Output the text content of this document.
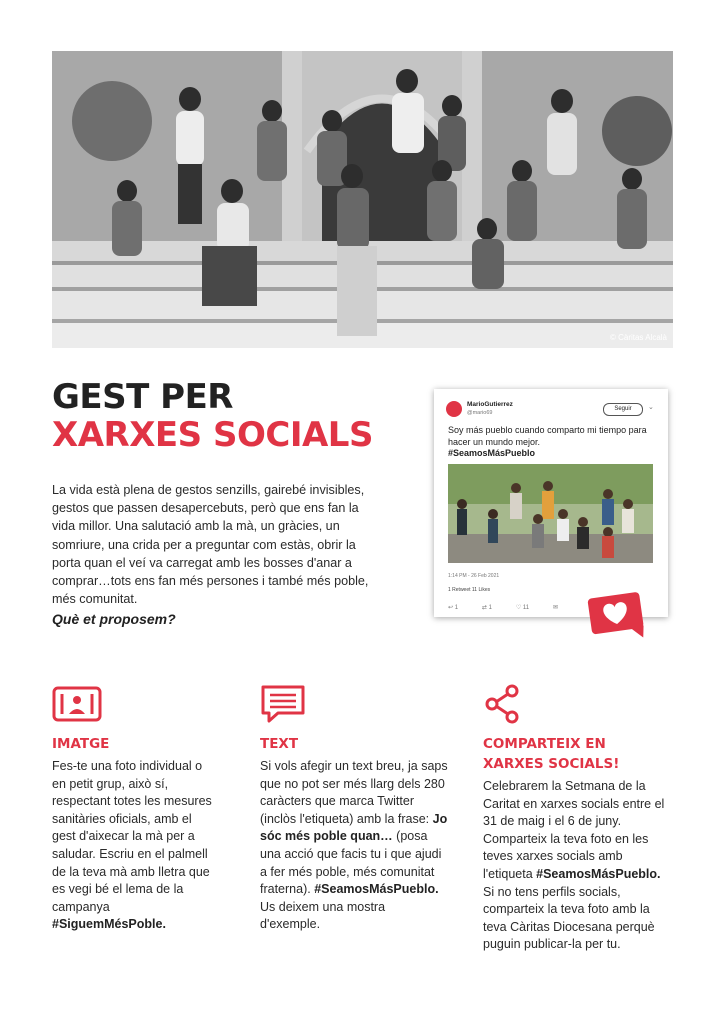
© Càritas Alcalà
GEST PER
XARXES SOCIALS

La vida està plena de gestos senzills, gairebé invisibles, gestos que passen desapercebuts, però que ens fan la vida millor. Una salutació amb la mà, un gràcies, un somriure, una crida per a preguntar com estàs, obrir la porta quan el veí va carregat amb les bosses d'anar a comprar…tots ens fan més persones i també més poble, més comunitat.

Què et proposem?
MarioGutierrez
@mario69
Seguir	⌄
Soy más pueblo cuando comparto mi tiempo para hacer un mundo mejor.
#SeamosMásPueblo
1:14 PM - 26 Feb 2021
1 Retweet 11 Likes
↩ 1	⇄ 1	♡ 11	✉
IMATGE

Fes-te una foto individual o en petit grup, això sí, respectant totes les mesures sanitàries oficials, amb el gest d'aixecar la mà per a saludar. Escriu en el palmell de la teva mà amb lletra que es vegi bé el lema de la campanya #SiguemMésPoble.

TEXT

Si vols afegir un text breu, ja saps que no pot ser més llarg dels 280 caràcters que marca Twitter (inclòs l'etiqueta) amb la frase: Jo sóc més poble quan… (posa una acció que facis tu i que ajudi a fer més poble, més comunitat fraterna). #SeamosMásPueblo. Us deixem una mostra d'exemple.

COMPARTEIX EN
XARXES SOCIALS!

Celebrarem la Setmana de la Caritat en xarxes socials entre el 31 de maig i el 6 de juny. Comparteix la teva foto en les teves xarxes socials amb l'etiqueta #SeamosMásPueblo. Si no tens perfils socials, comparteix la teva foto amb la teva Càritas Diocesana perquè puguin publicar-la per tu.
